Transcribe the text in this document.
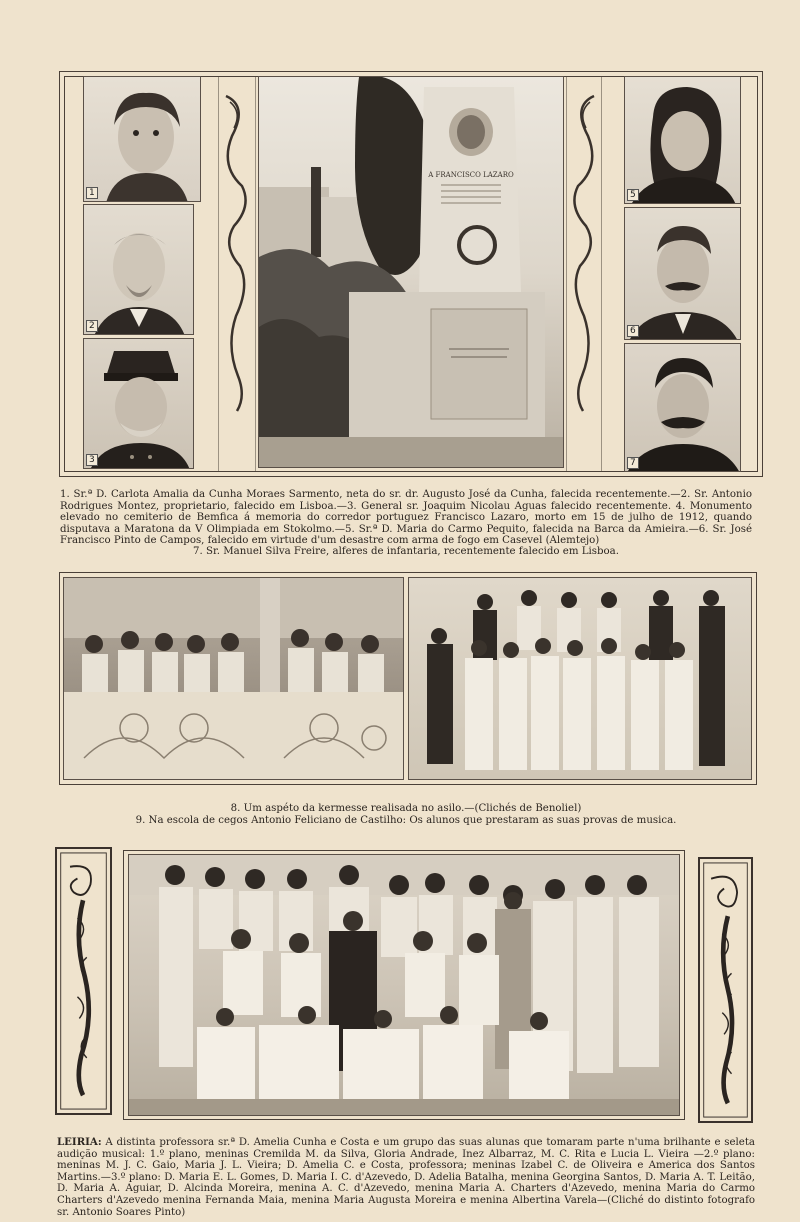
1
2
3
A FRANCISCO LAZARO
5
6
7
1. Sr.ª D. Carlota Amalia da Cunha Moraes Sarmento, neta do sr. dr. Augusto José da Cunha, falecida recentemente.—2. Sr. Antonio Rodrigues Montez, proprietario, falecido em Lisboa.—3. General sr. Joaquim Nicolau Aguas falecido recentemente. 4. Monumento elevado no cemiterio de Bemfica á memoria do corredor portuguez Francisco Lazaro, morto em 15 de julho de 1912, quando disputava a Maratona da V Olimpiada em Stokolmo.—5. Sr.ª D. Maria do Carmo Pequito, falecida na Barca da Amieira.—6. Sr. José Francisco Pinto de Campos, falecido em virtude d'um desastre com arma de fogo em Casevel (Alemtejo)
7. Sr. Manuel Silva Freire, alferes de infantaria, recentemente falecido em Lisboa.
8. Um aspéto da kermesse realisada no asilo.—(Clichés de Benoliel)
9. Na escola de cegos Antonio Feliciano de Castilho: Os alunos que prestaram as suas provas de musica.
LEIRIA: A distinta professora sr.ª D. Amelia Cunha e Costa e um grupo das suas alunas que tomaram parte n'uma brilhante e seleta audição musical: 1.º plano, meninas Cremilda M. da Silva, Gloria Andrade, Inez Albarraz, M. C. Rita e Lucia L. Vieira —2.º plano: meninas M. J. C. Gaio, Maria J. L. Vieira; D. Amelia C. e Costa, professora; meninas Izabel C. de Oliveira e America dos Santos Martins.—3.º plano: D. Maria E. L. Gomes, D. Maria I. C. d'Azevedo, D. Adelia Batalha, menina Georgina Santos, D. Maria A. T. Leitão, D. Maria A. Aguiar, D. Alcinda Moreira, menina A. C. d'Azevedo, menina Maria A. Charters d'Azevedo, menina Maria do Carmo Charters d'Azevedo menina Fernanda Maia, menina Maria Augusta Moreira e menina Albertina Varela—(Cliché do distinto fotografo sr. Antonio Soares Pinto)
